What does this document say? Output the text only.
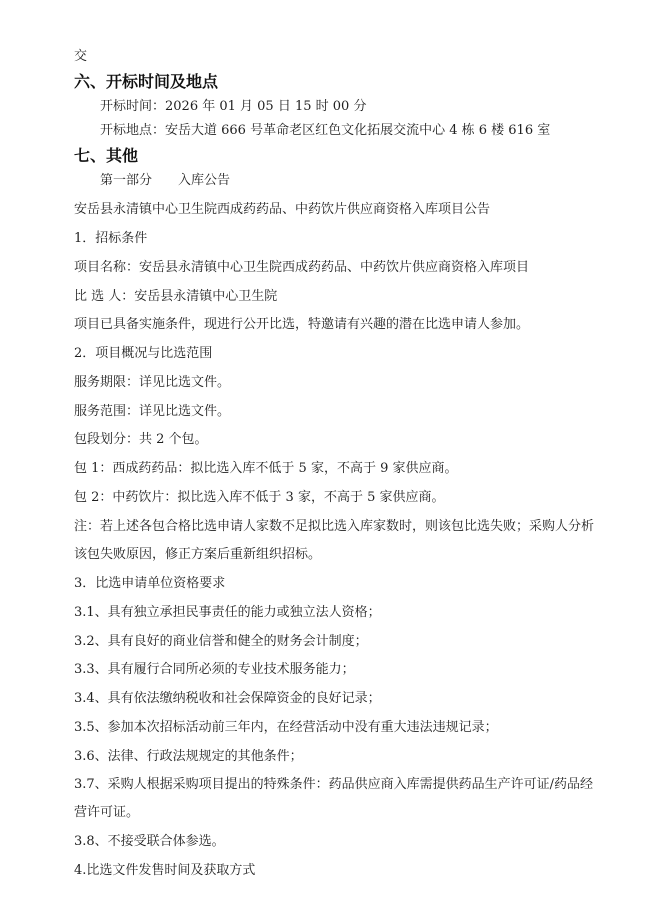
交
六、开标时间及地点
开标时间：2026 年 01 月 05 日 15 时 00 分
开标地点：安岳大道 666 号革命老区红色文化拓展交流中心 4 栋 6 楼 616 室
七、其他
第一部分 入库公告
安岳县永清镇中心卫生院西成药药品、中药饮片供应商资格入库项目公告
1．招标条件
项目名称：安岳县永清镇中心卫生院西成药药品、中药饮片供应商资格入库项目
比 选 人：安岳县永清镇中心卫生院
项目已具备实施条件，现进行公开比选，特邀请有兴趣的潜在比选申请人参加。
2．项目概况与比选范围
服务期限：详见比选文件。
服务范围：详见比选文件。
包段划分：共 2 个包。
包 1：西成药药品：拟比选入库不低于 5 家，不高于 9 家供应商。
包 2：中药饮片：拟比选入库不低于 3 家，不高于 5 家供应商。
注：若上述各包合格比选申请人家数不足拟比选入库家数时，则该包比选失败；采购人分析
该包失败原因，修正方案后重新组织招标。
3．比选申请单位资格要求
3.1、具有独立承担民事责任的能力或独立法人资格；
3.2、具有良好的商业信誉和健全的财务会计制度；
3.3、具有履行合同所必须的专业技术服务能力；
3.4、具有依法缴纳税收和社会保障资金的良好记录；
3.5、参加本次招标活动前三年内，在经营活动中没有重大违法违规记录；
3.6、法律、行政法规规定的其他条件；
3.7、采购人根据采购项目提出的特殊条件：药品供应商入库需提供药品生产许可证/药品经
营许可证。
3.8、不接受联合体参选。
4.比选文件发售时间及获取方式
